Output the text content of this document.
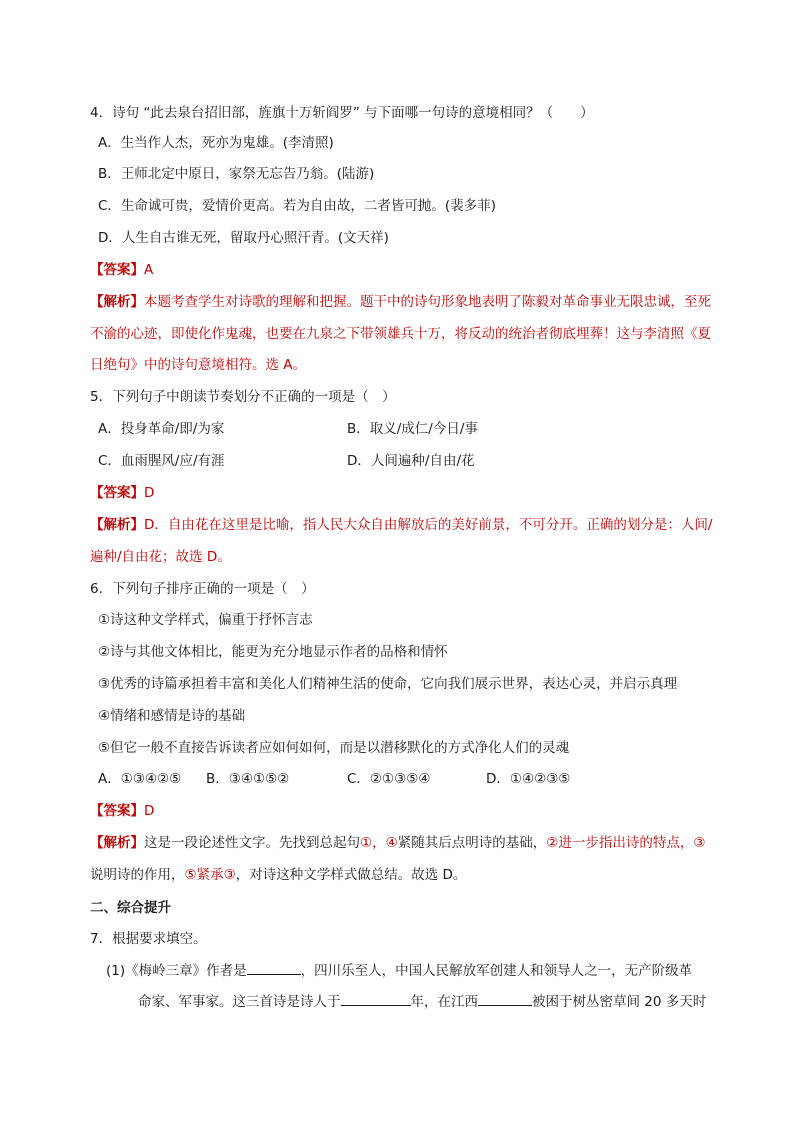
4．诗句 “此去泉台招旧部，旌旗十万斩阎罗” 与下面哪一句诗的意境相同？（　　）
A．生当作人杰，死亦为鬼雄。(李清照)
B．王师北定中原日，家祭无忘告乃翁。(陆游)
C．生命诚可贵，爱情价更高。若为自由故，二者皆可抛。(裴多菲)
D．人生自古谁无死，留取丹心照汗青。(文天祥)
【答案】A
【解析】本题考查学生对诗歌的理解和把握。题干中的诗句形象地表明了陈毅对革命事业无限忠诚，至死
不渝的心迹，即使化作鬼魂，也要在九泉之下带领雄兵十万，将反动的统治者彻底埋葬！这与李清照《夏
日绝句》中的诗句意境相符。选 A。
5．下列句子中朗读节奏划分不正确的一项是（　）
A．投身革命/即/为家	B．取义/成仁/今日/事
C．血雨腥风/应/有涯	D．人间遍种/自由/花
【答案】D
【解析】D．自由花在这里是比喻，指人民大众自由解放后的美好前景，不可分开。正确的划分是：人间/
遍种/自由花；故选 D。
6．下列句子排序正确的一项是（　）
①诗这种文学样式，偏重于抒怀言志
②诗与其他文体相比，能更为充分地显示作者的品格和情怀
③优秀的诗篇承担着丰富和美化人们精神生活的使命，它向我们展示世界，表达心灵，并启示真理
④情绪和感情是诗的基础
⑤但它一般不直接告诉读者应如何如何，而是以潜移默化的方式净化人们的灵魂
A．①③④②⑤ B．③④①⑤②	C．②①③⑤④	D．①④②③⑤
【答案】D
【解析】这是一段论述性文字。先找到总起句①，④紧随其后点明诗的基础，②进一步指出诗的特点，③
说明诗的作用，⑤紧承③，对诗这种文学样式做总结。故选 D。
二、综合提升
7．根据要求填空。
(1)《梅岭三章》作者是	，四川乐至人，中国人民解放军创建人和领导人之一，无产阶级革
命家、军事家。这三首诗是诗人于	年，在江西	被困于树丛密草间 20 多天时
